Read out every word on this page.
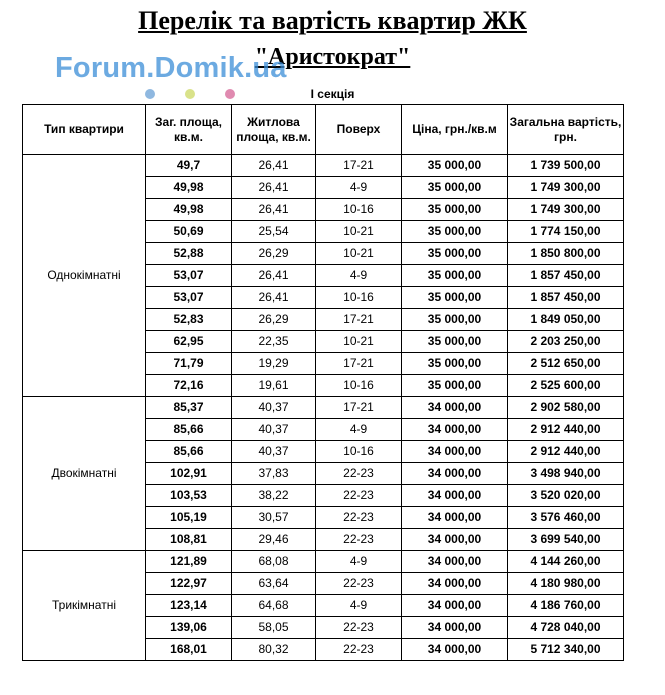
Перелік та вартість квартир ЖК
"Аристократ"
Forum.Domik.ua
І секція
Тип квартири	Заг. площа, кв.м.	Житлова площа, кв.м.	Поверх	Ціна, грн./кв.м	Загальна вартість, грн.
Однокімнатні	49,7	26,41	17-21	35 000,00	1 739 500,00
	49,98	26,41	4-9	35 000,00	1 749 300,00
	49,98	26,41	10-16	35 000,00	1 749 300,00
	50,69	25,54	10-21	35 000,00	1 774 150,00
	52,88	26,29	10-21	35 000,00	1 850 800,00
	53,07	26,41	4-9	35 000,00	1 857 450,00
	53,07	26,41	10-16	35 000,00	1 857 450,00
	52,83	26,29	17-21	35 000,00	1 849 050,00
	62,95	22,35	10-21	35 000,00	2 203 250,00
	71,79	19,29	17-21	35 000,00	2 512 650,00
	72,16	19,61	10-16	35 000,00	2 525 600,00
Двокімнатні	85,37	40,37	17-21	34 000,00	2 902 580,00
	85,66	40,37	4-9	34 000,00	2 912 440,00
	85,66	40,37	10-16	34 000,00	2 912 440,00
	102,91	37,83	22-23	34 000,00	3 498 940,00
	103,53	38,22	22-23	34 000,00	3 520 020,00
	105,19	30,57	22-23	34 000,00	3 576 460,00
	108,81	29,46	22-23	34 000,00	3 699 540,00
Трикімнатні	121,89	68,08	4-9	34 000,00	4 144 260,00
	122,97	63,64	22-23	34 000,00	4 180 980,00
	123,14	64,68	4-9	34 000,00	4 186 760,00
	139,06	58,05	22-23	34 000,00	4 728 040,00
	168,01	80,32	22-23	34 000,00	5 712 340,00
